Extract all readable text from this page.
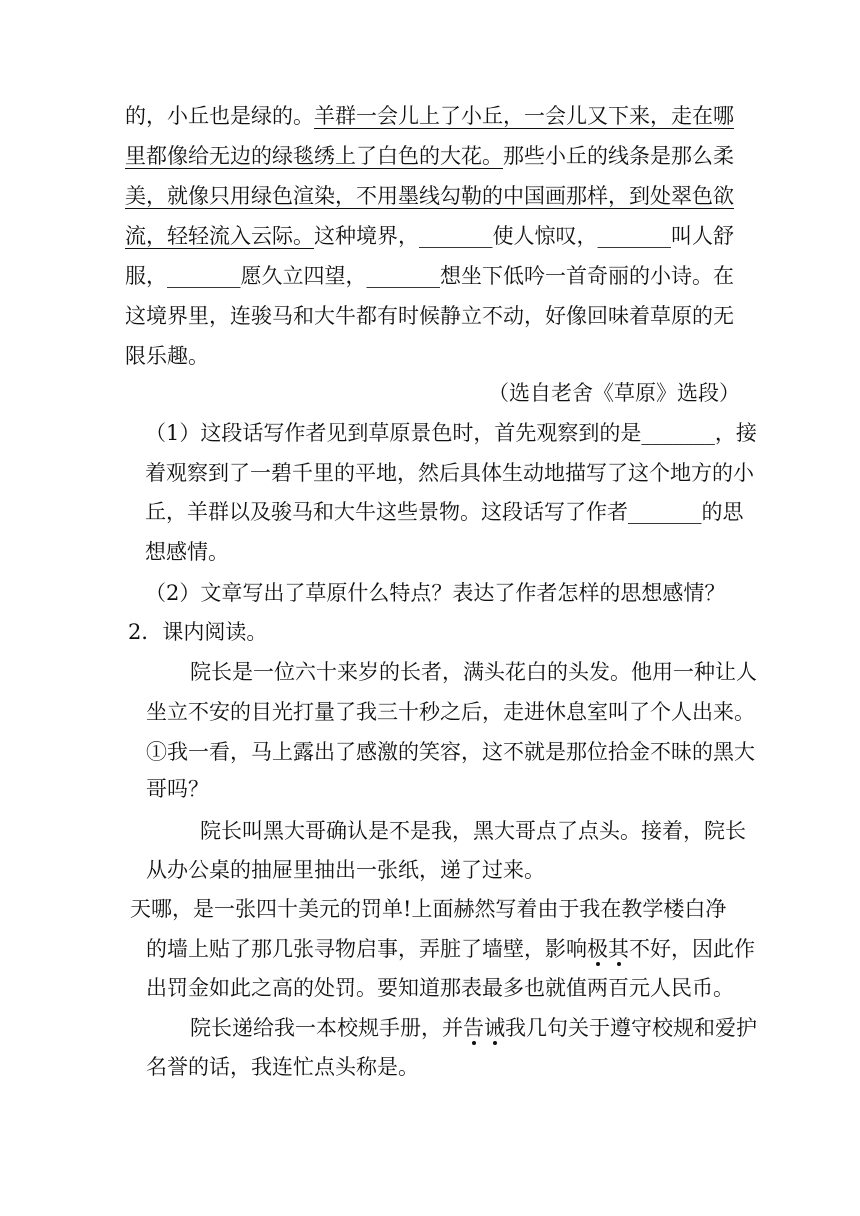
的，小丘也是绿的。羊群一会儿上了小丘，一会儿又下来，走在哪
里都像给无边的绿毯绣上了白色的大花。那些小丘的线条是那么柔
美，就像只用绿色渲染，不用墨线勾勒的中国画那样，到处翠色欲
流，轻轻流入云际。这种境界，_______使人惊叹，_______叫人舒
服，_______愿久立四望，_______想坐下低吟一首奇丽的小诗。在
这境界里，连骏马和大牛都有时候静立不动，好像回味着草原的无
限乐趣。
（选自老舍《草原》选段）
（1）这段话写作者见到草原景色时，首先观察到的是_______，接
着观察到了一碧千里的平地，然后具体生动地描写了这个地方的小
丘，羊群以及骏马和大牛这些景物。这段话写了作者_______的思
想感情。
（2）文章写出了草原什么特点？表达了作者怎样的思想感情？
2．课内阅读。
院长是一位六十来岁的长者，满头花白的头发。他用一种让人
坐立不安的目光打量了我三十秒之后，走进休息室叫了个人出来。
①我一看，马上露出了感激的笑容，这不就是那位拾金不昧的黑大
哥吗？
院长叫黑大哥确认是不是我，黑大哥点了点头。接着，院长
从办公桌的抽屉里抽出一张纸，递了过来。
天哪，是一张四十美元的罚单!上面赫然写着由于我在教学楼白净
的墙上贴了那几张寻物启事，弄脏了墙壁，影响极其不好，因此作
出罚金如此之高的处罚。要知道那表最多也就值两百元人民币。
院长递给我一本校规手册，并告诫我几句关于遵守校规和爱护
名誉的话，我连忙点头称是。
